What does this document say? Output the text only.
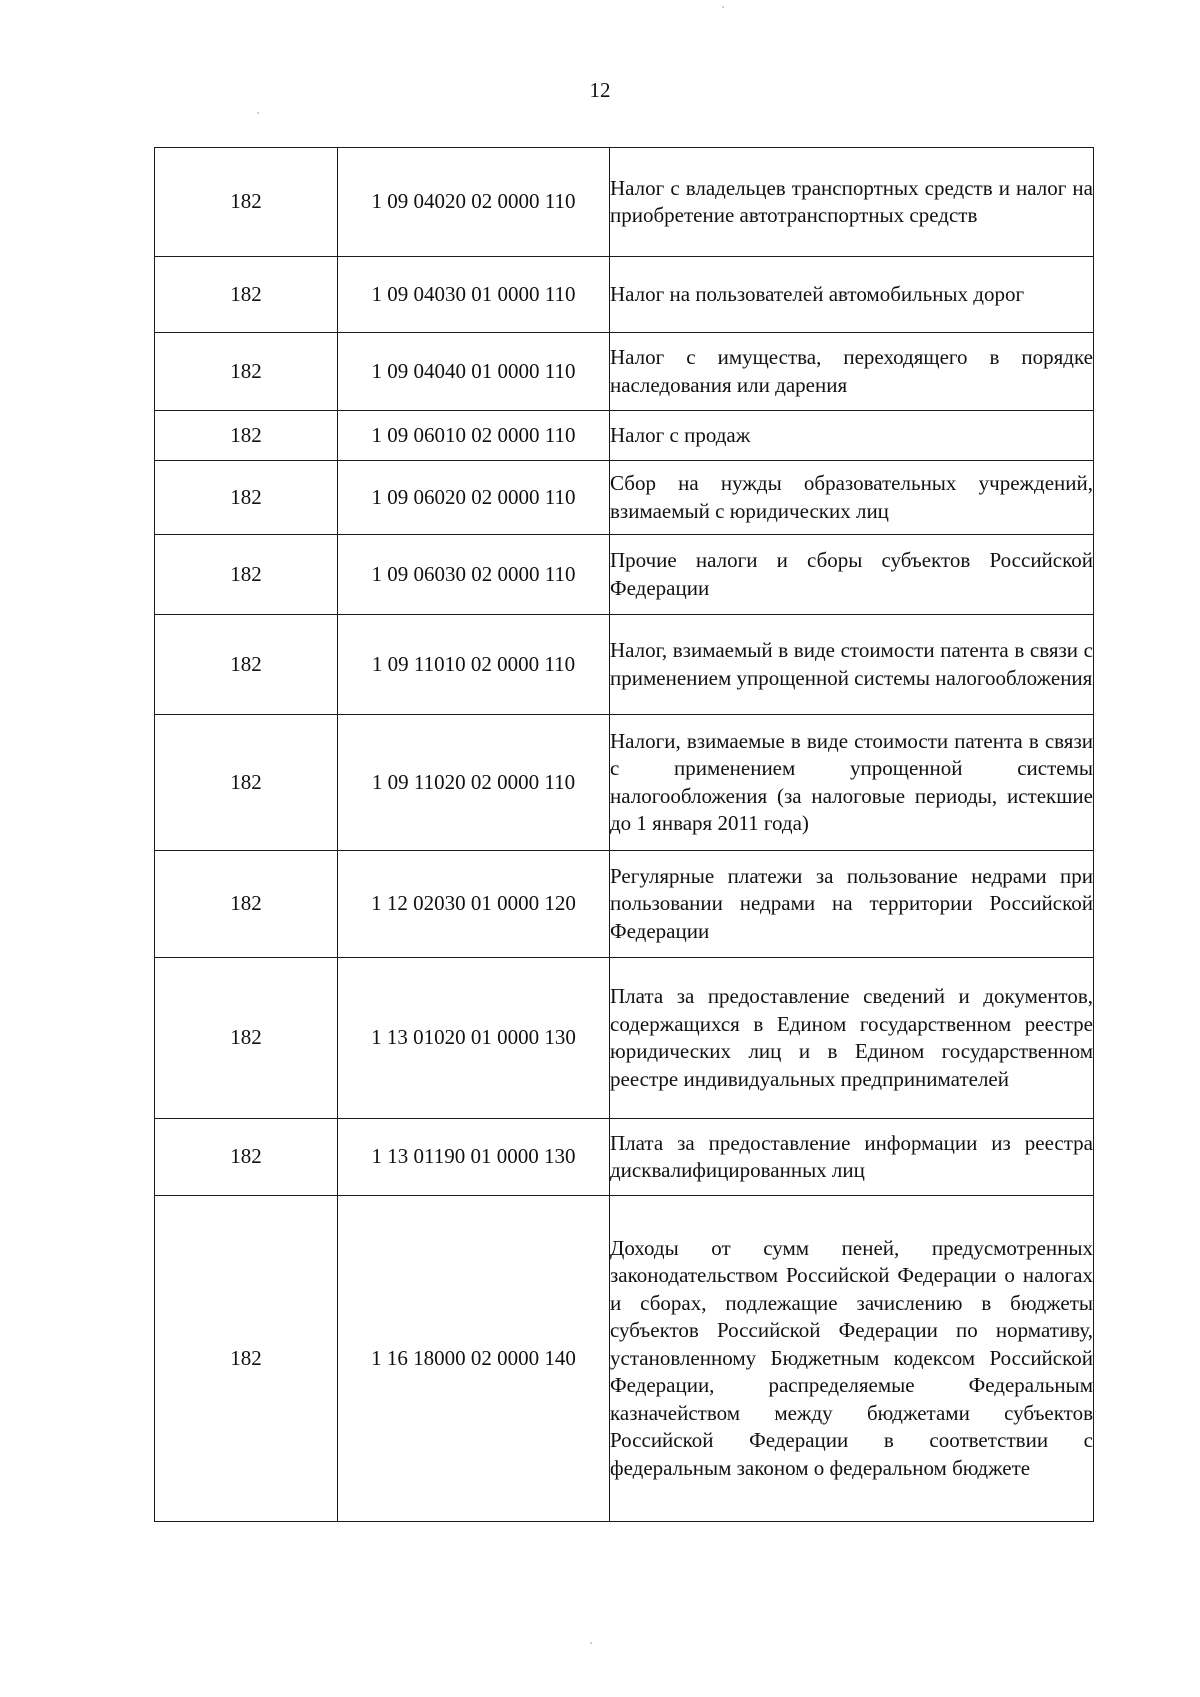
12
182	1 09 04020 02 0000 110	Налог с владельцев транспортных средств и налог на приобретение автотранспортных средств
182	1 09 04030 01 0000 110	Налог на пользователей автомобильных дорог
182	1 09 04040 01 0000 110	Налог с имущества, переходящего в порядке наследования или дарения
182	1 09 06010 02 0000 110	Налог с продаж
182	1 09 06020 02 0000 110	Сбор на нужды образовательных учреждений, взимаемый с юридических лиц
182	1 09 06030 02 0000 110	Прочие налоги и сборы субъектов Российской Федерации
182	1 09 11010 02 0000 110	Налог, взимаемый в виде стоимости патента в связи с применением упрощенной системы налогообложения
182	1 09 11020 02 0000 110	Налоги, взимаемые в виде стоимости патента в связи с применением упрощенной системы налогообложения (за налоговые периоды, истекшие до 1 января 2011 года)
182	1 12 02030 01 0000 120	Регулярные платежи за пользование недрами при пользовании недрами на территории Российской Федерации
182	1 13 01020 01 0000 130	Плата за предоставление сведений и документов, содержащихся в Едином государственном реестре юридических лиц и в Едином государственном реестре индивидуальных предпринимателей
182	1 13 01190 01 0000 130	Плата за предоставление информации из реестра дисквалифицированных лиц
182	1 16 18000 02 0000 140	Доходы от сумм пеней, предусмотренных законодательством Российской Федерации о налогах и сборах, подлежащие зачислению в бюджеты субъектов Российской Федерации по нормативу, установленному Бюджетным кодексом Российской Федерации, распределяемые Федеральным казначейством между бюджетами субъектов Российской Федерации в соответствии с федеральным законом о федеральном бюджете
